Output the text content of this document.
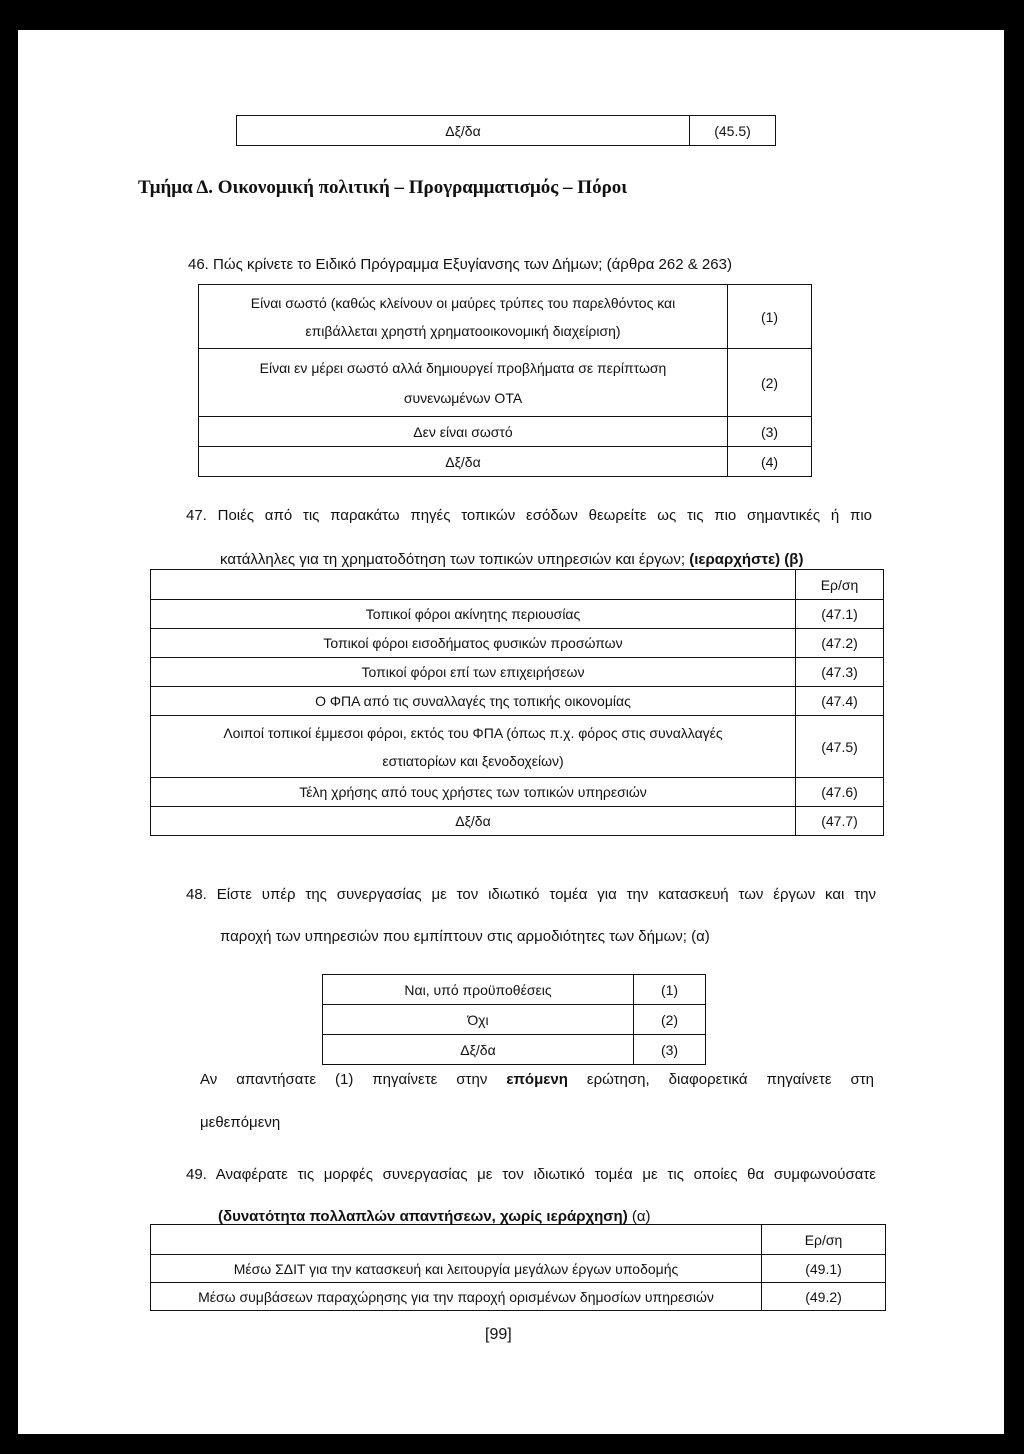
Δξ/δα	(45.5)
Τμήμα Δ. Οικονομική πολιτική – Προγραμματισμός – Πόροι
46. Πώς κρίνετε το Ειδικό Πρόγραμμα Εξυγίανσης των Δήμων; (άρθρα 262 & 263)
Είναι σωστό (καθώς κλείνουν οι μαύρες τρύπες του παρελθόντος και
επιβάλλεται χρηστή χρηματοοικονομική διαχείριση)	(1)

Είναι εν μέρει σωστό αλλά δημιουργεί προβλήματα σε περίπτωση
συνενωμένων ΟΤΑ	(2)
Δεν είναι σωστό	(3)
Δξ/δα	(4)
47. Ποιές από τις παρακάτω πηγές τοπικών εσόδων θεωρείτε ως τις πιο σημαντικές ή πιο
κατάλληλες για τη χρηματοδότηση των τοπικών υπηρεσιών και έργων; (ιεραρχήστε) (β)
	Ερ/ση
Τοπικοί φόροι ακίνητης περιουσίας	(47.1)
Τοπικοί φόροι εισοδήματος φυσικών προσώπων	(47.2)
Τοπικοί φόροι επί των επιχειρήσεων	(47.3)
Ο ΦΠΑ από τις συναλλαγές της τοπικής οικονομίας	(47.4)

Λοιποί τοπικοί έμμεσοι φόροι, εκτός του ΦΠΑ (όπως π.χ. φόρος στις συναλλαγές
εστιατορίων και ξενοδοχείων)	(47.5)
Τέλη χρήσης από τους χρήστες των τοπικών υπηρεσιών	(47.6)
Δξ/δα	(47.7)
48. Είστε υπέρ της συνεργασίας με τον ιδιωτικό τομέα για την κατασκευή των έργων και την
παροχή των υπηρεσιών που εμπίπτουν στις αρμοδιότητες των δήμων; (α)
Ναι, υπό προϋποθέσεις	(1)
Όχι	(2)
Δξ/δα	(3)
Αν απαντήσατε (1) πηγαίνετε στην επόμενη ερώτηση, διαφορετικά πηγαίνετε στη
μεθεπόμενη
49. Αναφέρατε τις μορφές συνεργασίας με τον ιδιωτικό τομέα με τις οποίες θα συμφωνούσατε
(δυνατότητα πολλαπλών απαντήσεων, χωρίς ιεράρχηση) (α)
	Ερ/ση
Μέσω ΣΔΙΤ για την κατασκευή και λειτουργία μεγάλων έργων υποδομής	(49.1)
Μέσω συμβάσεων παραχώρησης για την παροχή ορισμένων δημοσίων υπηρεσιών	(49.2)
[99]
